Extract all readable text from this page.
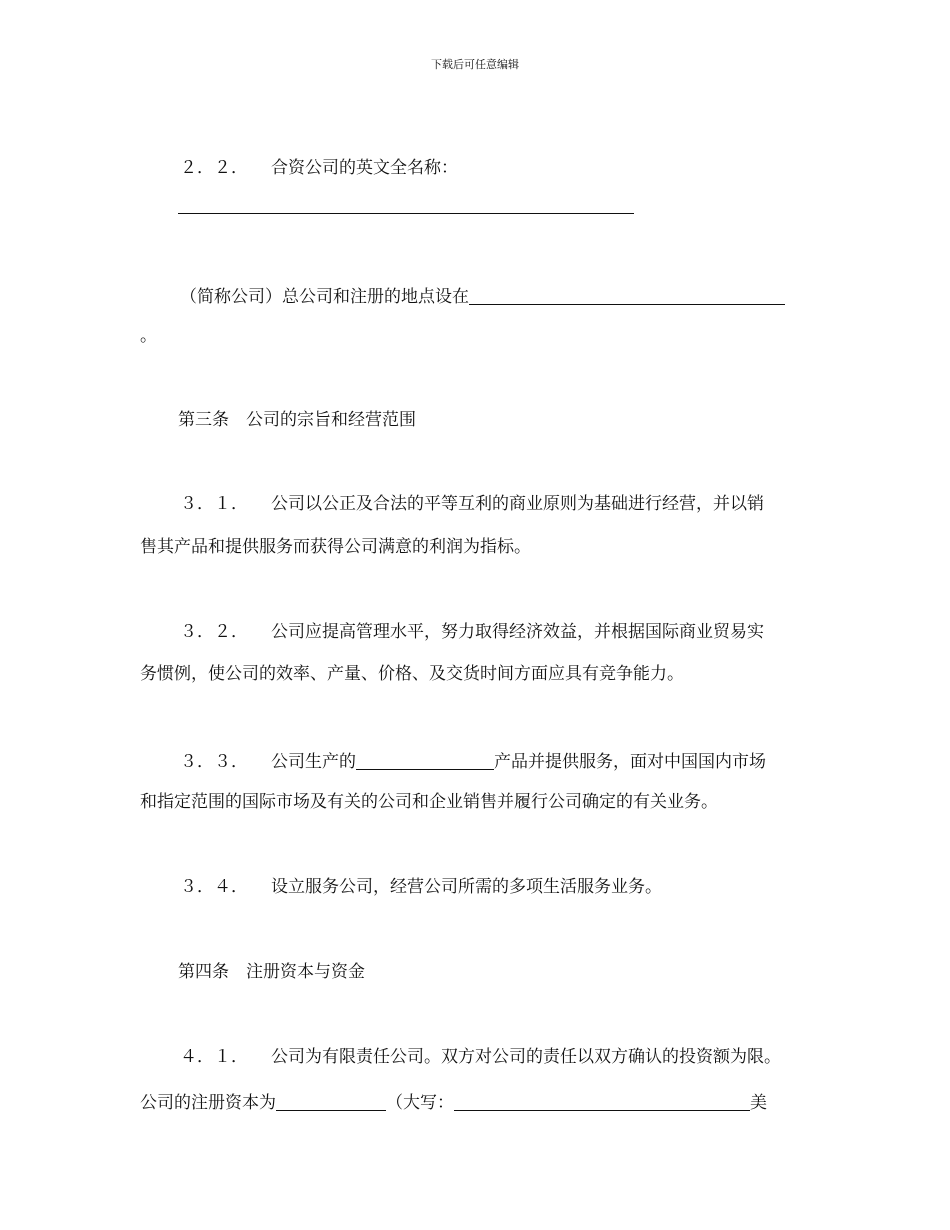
下载后可任意编辑
２．２． 合资公司的英文全名称：
（简称公司）总公司和注册的地点设在
。
第三条　公司的宗旨和经营范围
３．１． 公司以公正及合法的平等互利的商业原则为基础进行经营，并以销
售其产品和提供服务而获得公司满意的利润为指标。
３．２． 公司应提高管理水平，努力取得经济效益，并根据国际商业贸易实
务惯例，使公司的效率、产量、价格、及交货时间方面应具有竞争能力。
３．３． 公司生产的	产品并提供服务，面对中国国内市场
和指定范围的国际市场及有关的公司和企业销售并履行公司确定的有关业务。
３．４． 设立服务公司，经营公司所需的多项生活服务业务。
第四条　注册资本与资金
４．１． 公司为有限责任公司。双方对公司的责任以双方确认的投资额为限。
公司的注册资本为	（大写：	美
